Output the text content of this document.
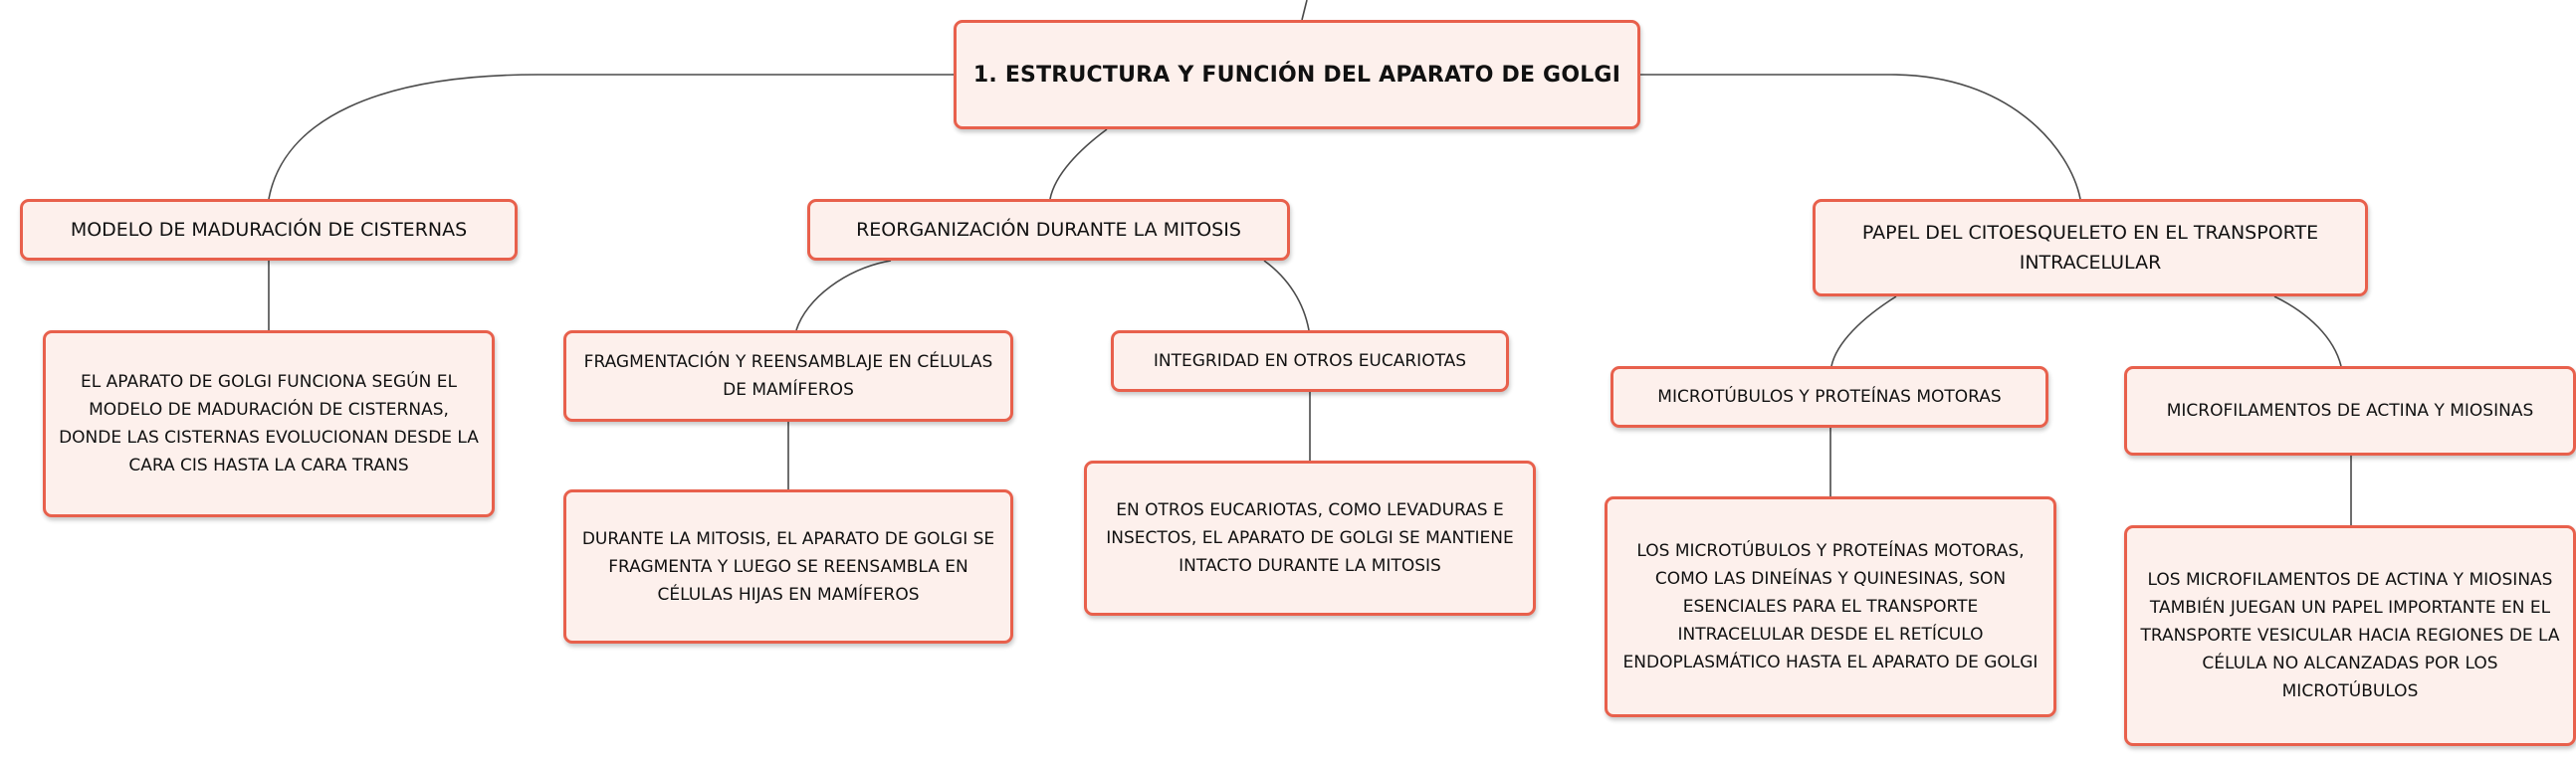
1. ESTRUCTURA Y FUNCIÓN DEL APARATO DE GOLGI
MODELO DE MADURACIÓN DE CISTERNAS	REORGANIZACIÓN DURANTE LA MITOSIS	PAPEL DEL CITOESQUELETO EN EL TRANSPORTE INTRACELULAR
FRAGMENTACIÓN Y REENSAMBLAJE EN CÉLULAS DE MAMÍFEROS
INTEGRIDAD EN OTROS EUCARIOTAS
MICROTÚBULOS Y PROTEÍNAS MOTORAS
MICROFILAMENTOS DE ACTINA Y MIOSINAS
EL APARATO DE GOLGI FUNCIONA SEGÚN EL MODELO DE MADURACIÓN DE CISTERNAS, DONDE LAS CISTERNAS EVOLUCIONAN DESDE LA CARA CIS HASTA LA CARA TRANS
DURANTE LA MITOSIS, EL APARATO DE GOLGI SE FRAGMENTA Y LUEGO SE REENSAMBLA EN CÉLULAS HIJAS EN MAMÍFEROS
EN OTROS EUCARIOTAS, COMO LEVADURAS E INSECTOS, EL APARATO DE GOLGI SE MANTIENE INTACTO DURANTE LA MITOSIS
LOS MICROTÚBULOS Y PROTEÍNAS MOTORAS, COMO LAS DINEÍNAS Y QUINESINAS, SON ESENCIALES PARA EL TRANSPORTE INTRACELULAR DESDE EL RETÍCULO ENDOPLASMÁTICO HASTA EL APARATO DE GOLGI
LOS MICROFILAMENTOS DE ACTINA Y MIOSINAS TAMBIÉN JUEGAN UN PAPEL IMPORTANTE EN EL TRANSPORTE VESICULAR HACIA REGIONES DE LA CÉLULA NO ALCANZADAS POR LOS MICROTÚBULOS
